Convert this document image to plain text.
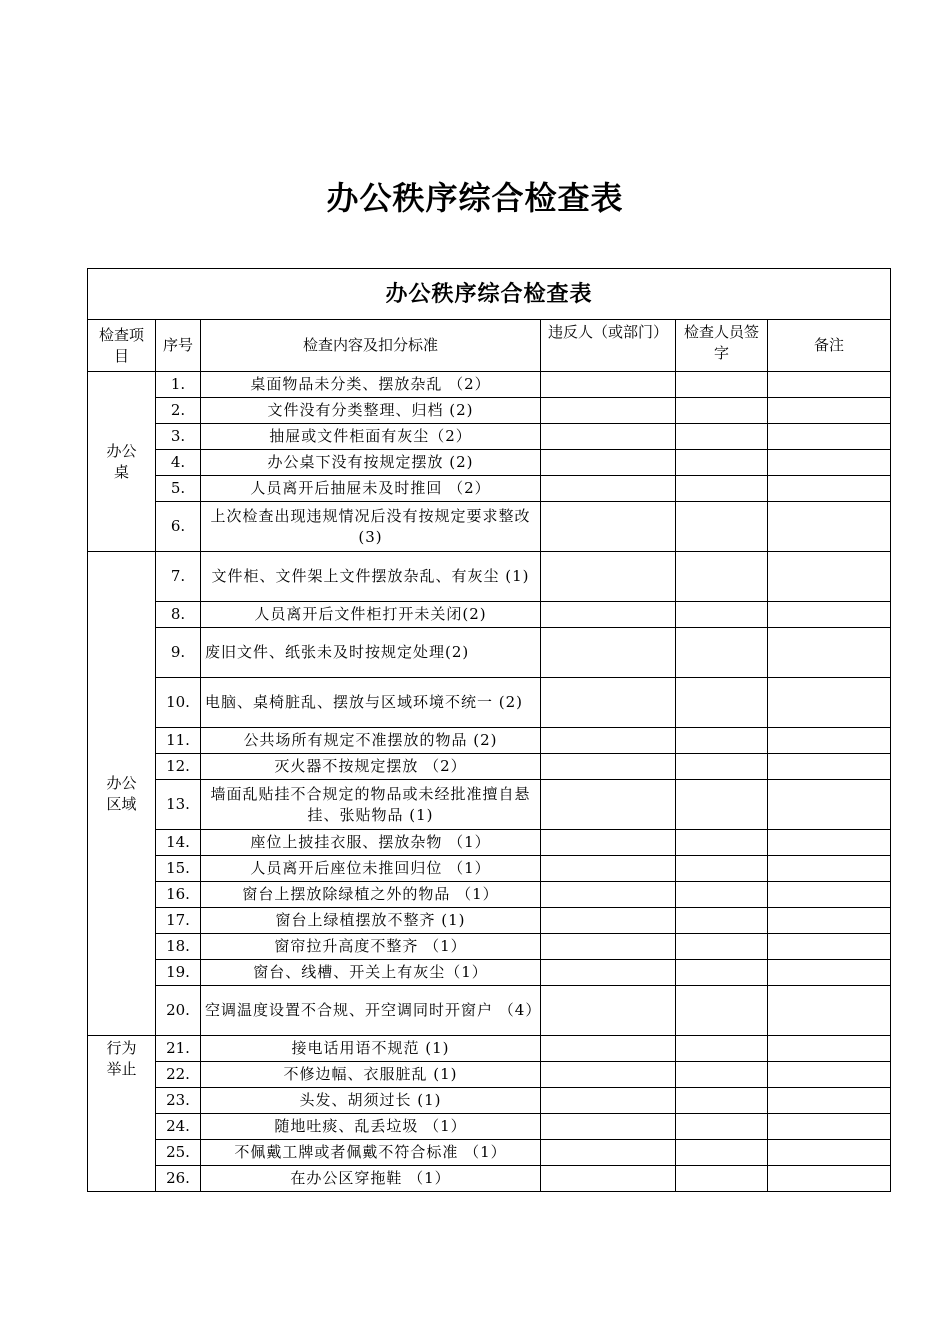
办公秩序综合检查表
办公秩序综合检查表					
检查项目	序号	检查内容及扣分标准	违反人（或部门）	检查人员签字	备注
办公桌	1.	桌面物品未分类、摆放杂乱 （2）			
	2.	文件没有分类整理、归档 (2)			
	3.	抽屉或文件柜面有灰尘（2）			
	4.	办公桌下没有按规定摆放 (2)			
	5.	人员离开后抽屉未及时推回 （2）			
	6.	上次检查出现违规情况后没有按规定要求整改 (3)			
办公区域	7.	文件柜、文件架上文件摆放杂乱、有灰尘 (1)			
	8.	人员离开后文件柜打开未关闭(2)			
	9.	废旧文件、纸张未及时按规定处理(2)			
	10.	电脑、桌椅脏乱、摆放与区域环境不统一 (2)			
	11.	公共场所有规定不准摆放的物品 (2)			
	12.	灭火器不按规定摆放 （2）			
	13.	墙面乱贴挂不合规定的物品或未经批准擅自悬挂、张贴物品 (1)			
	14.	座位上披挂衣服、摆放杂物 （1）			
	15.	人员离开后座位未推回归位 （1）			
	16.	窗台上摆放除绿植之外的物品 （1）			
	17.	窗台上绿植摆放不整齐 (1)			
	18.	窗帘拉升高度不整齐 （1）			
	19.	窗台、线槽、开关上有灰尘（1）			
	20.	空调温度设置不合规、开空调同时开窗户 （4）			
行为举止	21.	接电话用语不规范 (1)			
	22.	不修边幅、衣服脏乱 (1)			
	23.	头发、胡须过长 (1)			
	24.	随地吐痰、乱丢垃圾 （1）			
	25.	不佩戴工牌或者佩戴不符合标准 （1）			
	26.	在办公区穿拖鞋 （1）			
